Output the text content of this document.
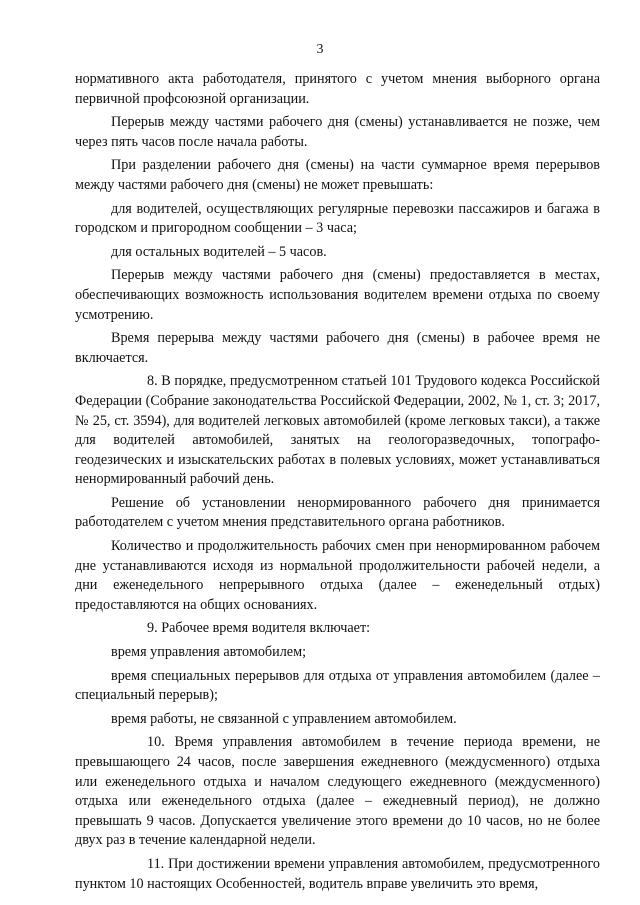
3

нормативного акта работодателя, принятого с учетом мнения выборного органа первичной профсоюзной организации.

Перерыв между частями рабочего дня (смены) устанавливается не позже, чем через пять часов после начала работы.

При разделении рабочего дня (смены) на части суммарное время перерывов между частями рабочего дня (смены) не может превышать:

для водителей, осуществляющих регулярные перевозки пассажиров и багажа в городском и пригородном сообщении – 3 часа;

для остальных водителей – 5 часов.

Перерыв между частями рабочего дня (смены) предоставляется в местах, обеспечивающих возможность использования водителем времени отдыха по своему усмотрению.

Время перерыва между частями рабочего дня (смены) в рабочее время не включается.

8. В порядке, предусмотренном статьей 101 Трудового кодекса Российской Федерации (Собрание законодательства Российской Федерации, 2002, № 1, ст. 3; 2017, № 25, ст. 3594), для водителей легковых автомобилей (кроме легковых такси), а также для водителей автомобилей, занятых на геологоразведочных, топографо-геодезических и изыскательских работах в полевых условиях, может устанавливаться ненормированный рабочий день.

Решение об установлении ненормированного рабочего дня принимается работодателем с учетом мнения представительного органа работников.

Количество и продолжительность рабочих смен при ненормированном рабочем дне устанавливаются исходя из нормальной продолжительности рабочей недели, а дни еженедельного непрерывного отдыха (далее – еженедельный отдых) предоставляются на общих основаниях.

9. Рабочее время водителя включает:

время управления автомобилем;

время специальных перерывов для отдыха от управления автомобилем (далее – специальный перерыв);

время работы, не связанной с управлением автомобилем.

10. Время управления автомобилем в течение периода времени, не превышающего 24 часов, после завершения ежедневного (междусменного) отдыха или еженедельного отдыха и началом следующего ежедневного (междусменного) отдыха или еженедельного отдыха (далее – ежедневный период), не должно превышать 9 часов. Допускается увеличение этого времени до 10 часов, но не более двух раз в течение календарной недели.

11. При достижении времени управления автомобилем, предусмотренного пунктом 10 настоящих Особенностей, водитель вправе увеличить это время,
